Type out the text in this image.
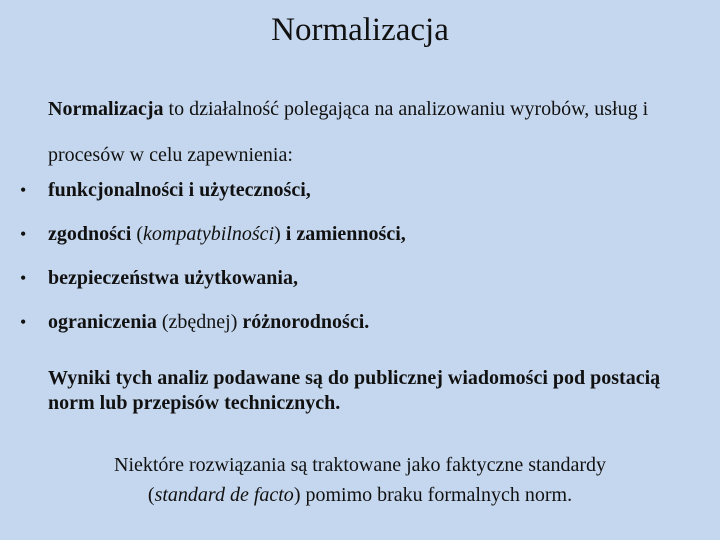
Normalizacja

Normalizacja to działalność polegająca na analizowaniu wyrobów, usług i procesów w celu zapewnienia:

• funkcjonalności i użyteczności,
• zgodności (kompatybilności) i zamienności,
• bezpieczeństwa użytkowania,
• ograniczenia (zbędnej) różnorodności.

Wyniki tych analiz podawane są do publicznej wiadomości pod postacią norm lub przepisów technicznych.

Niektóre rozwiązania są traktowane jako faktyczne standardy
(standard de facto) pomimo braku formalnych norm.
